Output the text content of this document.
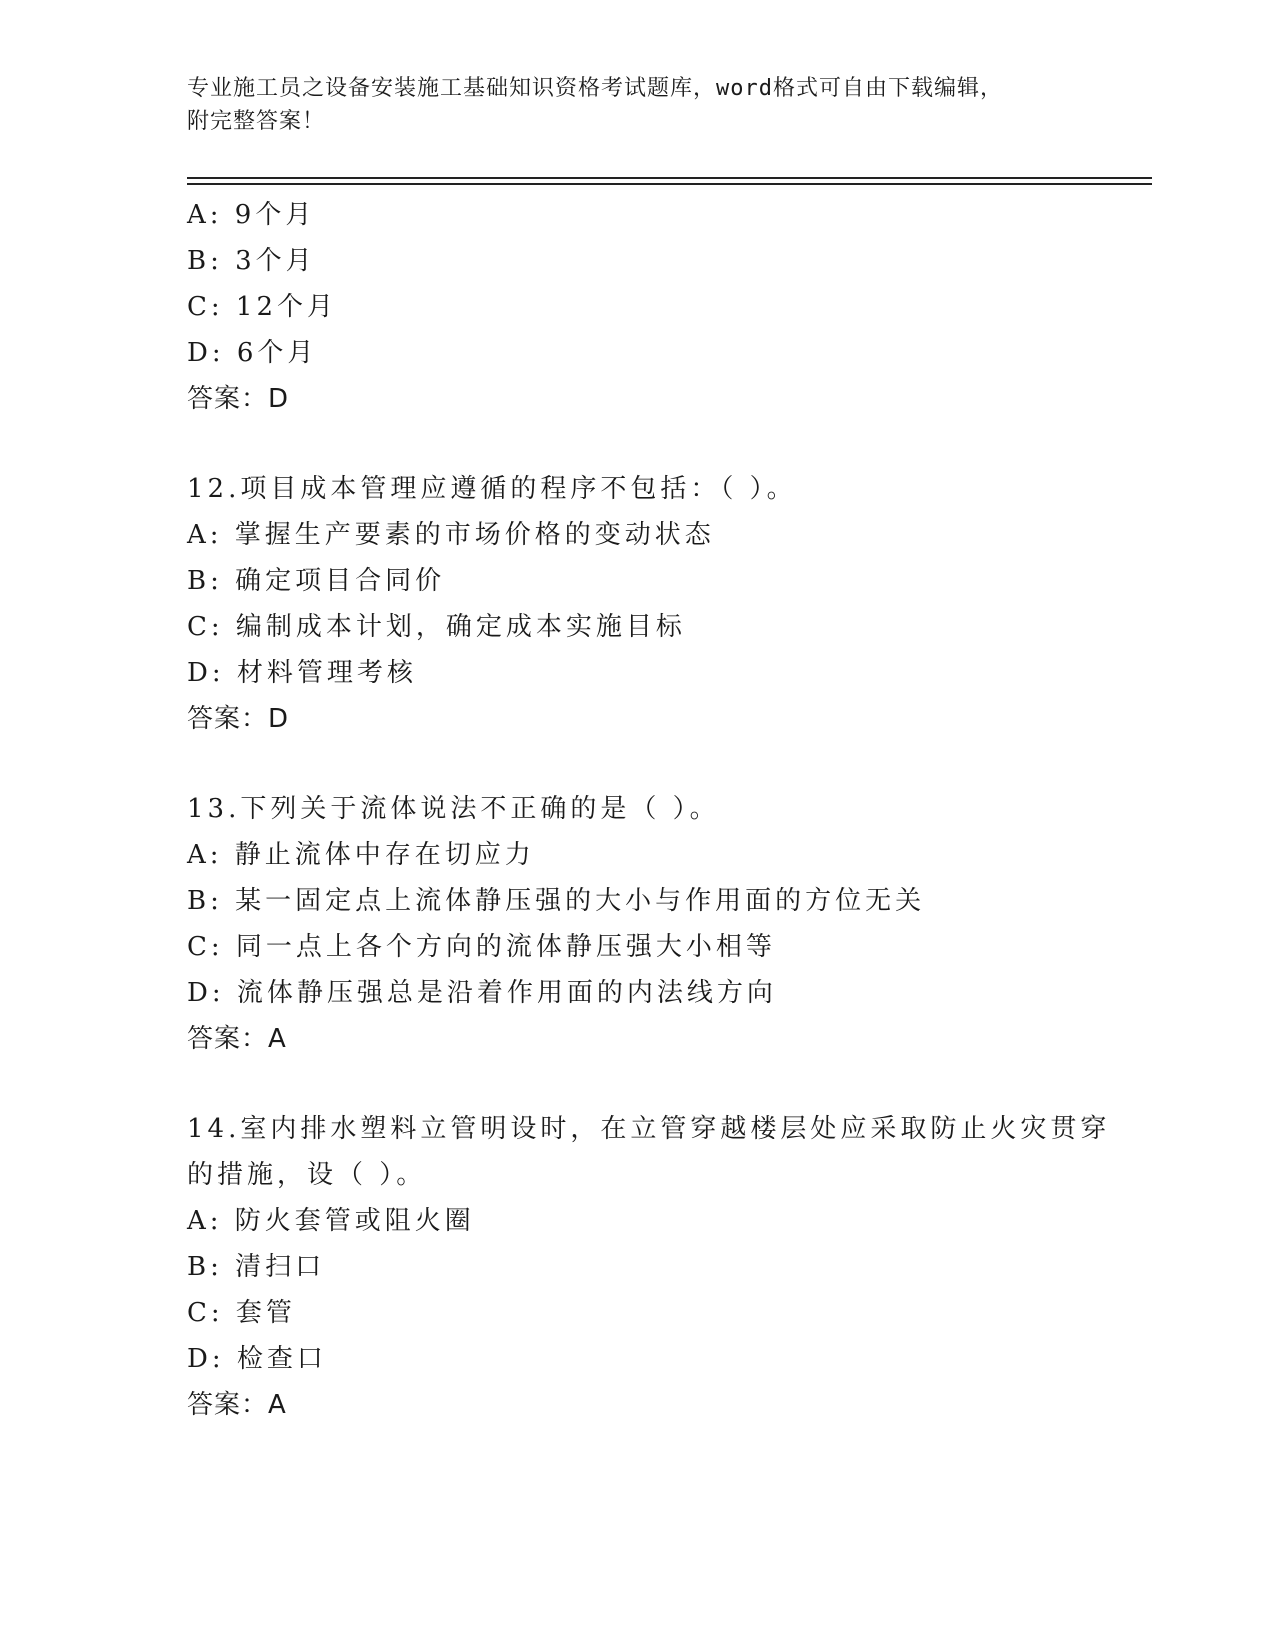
专业施工员之设备安装施工基础知识资格考试题库，word格式可自由下载编辑，
附完整答案！
A: 9个月
B: 3个月
C: 12个月
D: 6个月
答案：D
12.项目成本管理应遵循的程序不包括：（ ）。
A: 掌握生产要素的市场价格的变动状态
B: 确定项目合同价
C: 编制成本计划，确定成本实施目标
D: 材料管理考核
答案：D
13.下列关于流体说法不正确的是（ ）。
A: 静止流体中存在切应力
B: 某一固定点上流体静压强的大小与作用面的方位无关
C: 同一点上各个方向的流体静压强大小相等
D: 流体静压强总是沿着作用面的内法线方向
答案：A
14.室内排水塑料立管明设时，在立管穿越楼层处应采取防止火灾贯穿
的措施，设（ ）。
A: 防火套管或阻火圈
B: 清扫口
C: 套管
D: 检查口
答案：A
